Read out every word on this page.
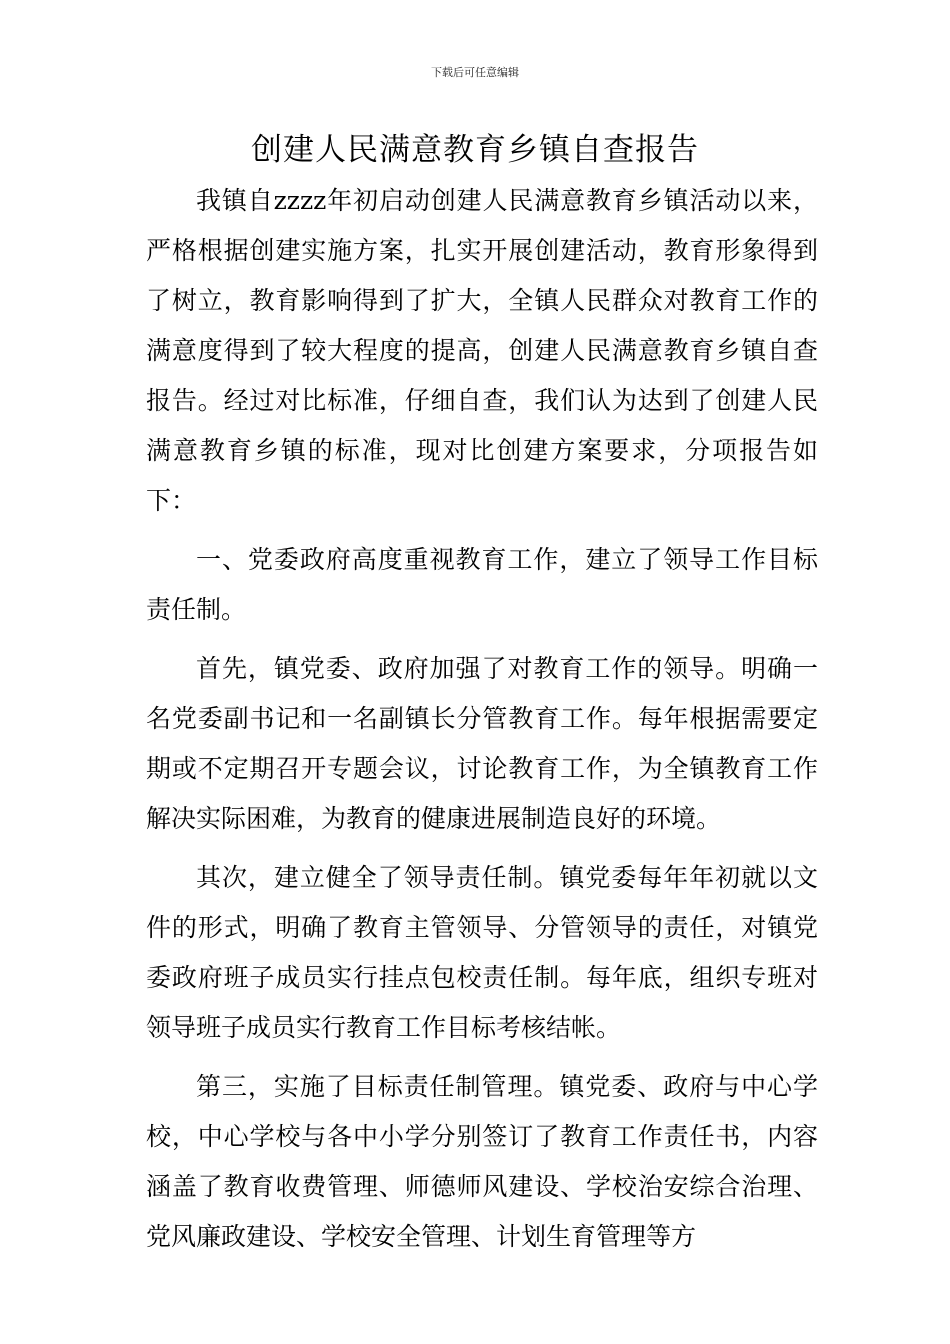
下载后可任意编辑
创建人民满意教育乡镇自查报告

我镇自zzzz年初启动创建人民满意教育乡镇活动以来，严格根据创建实施方案，扎实开展创建活动，教育形象得到了树立，教育影响得到了扩大，全镇人民群众对教育工作的满意度得到了较大程度的提高，创建人民满意教育乡镇自查报告。经过对比标准，仔细自查，我们认为达到了创建人民满意教育乡镇的标准，现对比创建方案要求，分项报告如下：

一、党委政府高度重视教育工作，建立了领导工作目标责任制。

首先，镇党委、政府加强了对教育工作的领导。明确一名党委副书记和一名副镇长分管教育工作。每年根据需要定期或不定期召开专题会议，讨论教育工作，为全镇教育工作解决实际困难，为教育的健康进展制造良好的环境。

其次，建立健全了领导责任制。镇党委每年年初就以文件的形式，明确了教育主管领导、分管领导的责任，对镇党委政府班子成员实行挂点包校责任制。每年底，组织专班对领导班子成员实行教育工作目标考核结帐。

第三，实施了目标责任制管理。镇党委、政府与中心学校，中心学校与各中小学分别签订了教育工作责任书，内容涵盖了教育收费管理、师德师风建设、学校治安综合治理、党风廉政建设、学校安全管理、计划生育管理等方
